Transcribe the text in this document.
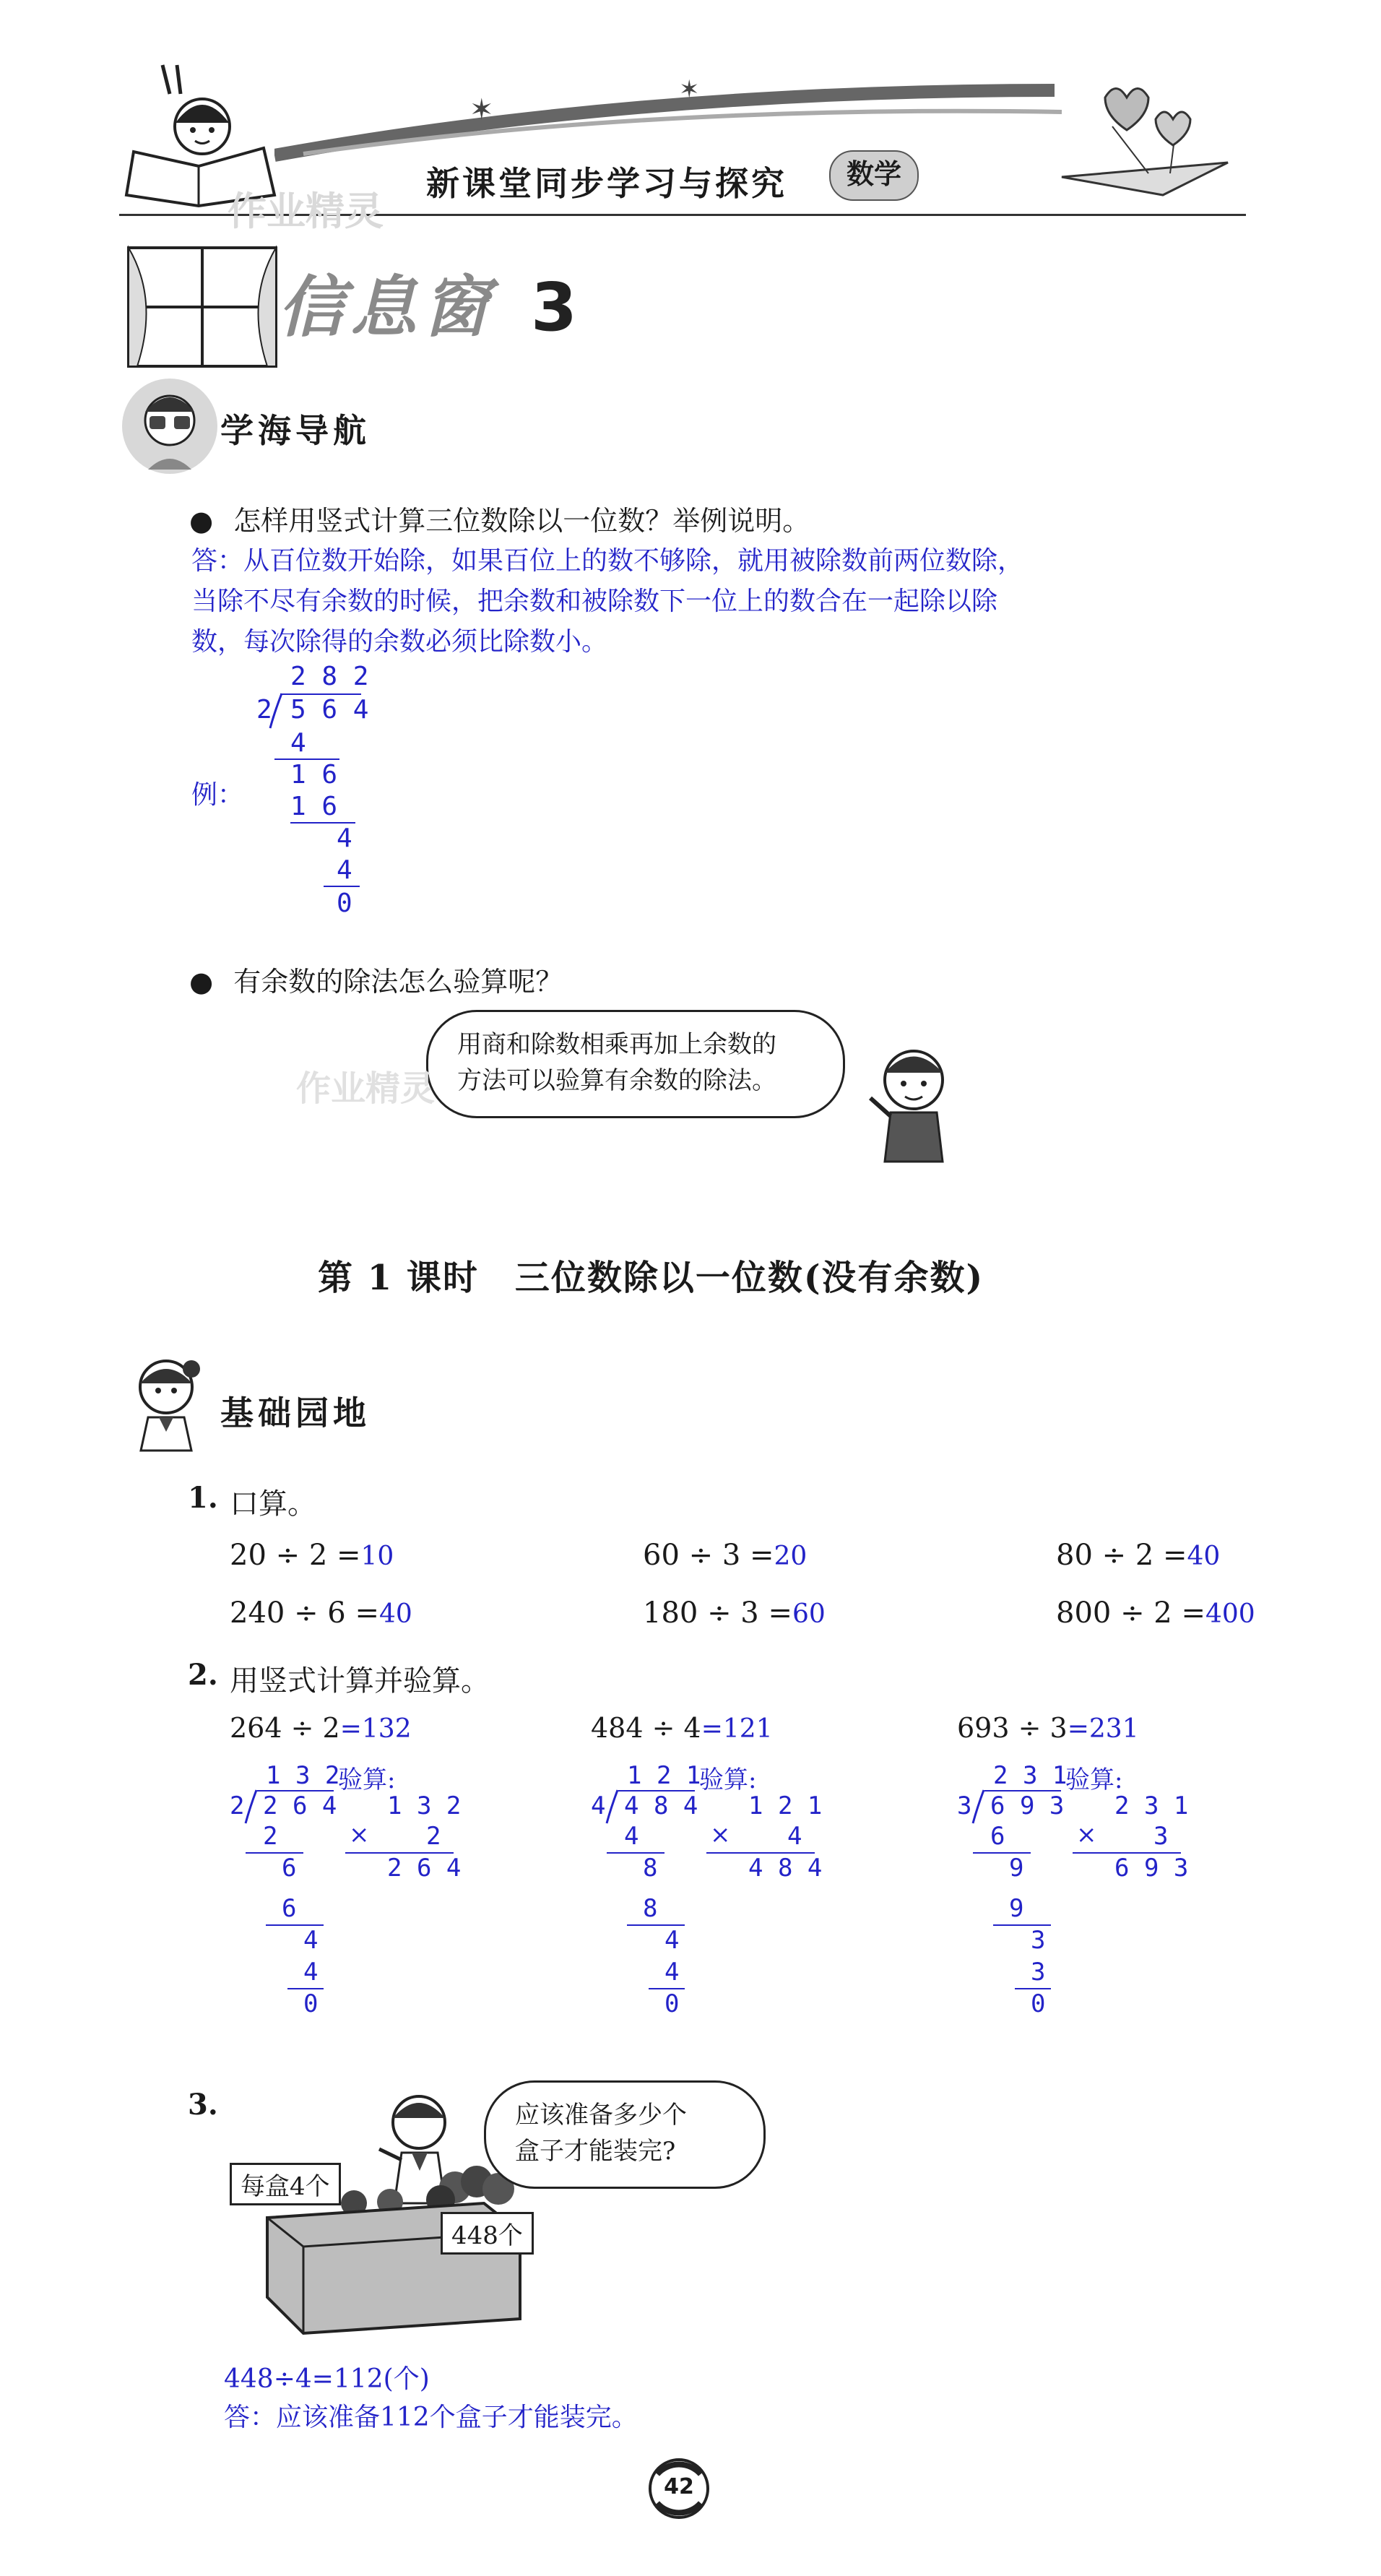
✶
✶
新课堂同步学习与探究	数学
作业精灵
信息窗 3
学海导航
● 怎样用竖式计算三位数除以一位数？举例说明。
答：从百位数开始除，如果百位上的数不够除，就用被除数前两位数除，
当除不尽有余数的时候，把余数和被除数下一位上的数合在一起除以除
数，每次除得的余数必须比除数小。
例：
2 8 2
2 5 6 4
4
1 6
1 6
4
4
0
● 有余数的除法怎么验算呢？
用商和除数相乘再加上余数的
方法可以验算有余数的除法。
作业精灵
第 1 课时　三位数除以一位数(没有余数)
基础园地
1. 口算。
20 ÷ 2 =10	60 ÷ 3 =20	80 ÷ 2 =40
240 ÷ 6 =40	180 ÷ 3 =60	800 ÷ 2 =400
2. 用竖式计算并验算。
264 ÷ 2=132
1 3 2
验算:
2 2 6 4
2
6
6
4
4
0
1 3 2
× 2
2 6 4
484 ÷ 4=121
1 2 1
验算:
4 4 8 4
4
8
8
4
4
0
1 2 1
× 4
4 8 4
693 ÷ 3=231
2 3 1
验算:
3 6 9 3
6
9
9
3
3
0
2 3 1
× 3
6 9 3
3.
每盒4个
448个
应该准备多少个
盒子才能装完?
448÷4=112(个)
答：应该准备112个盒子才能装完。
42
